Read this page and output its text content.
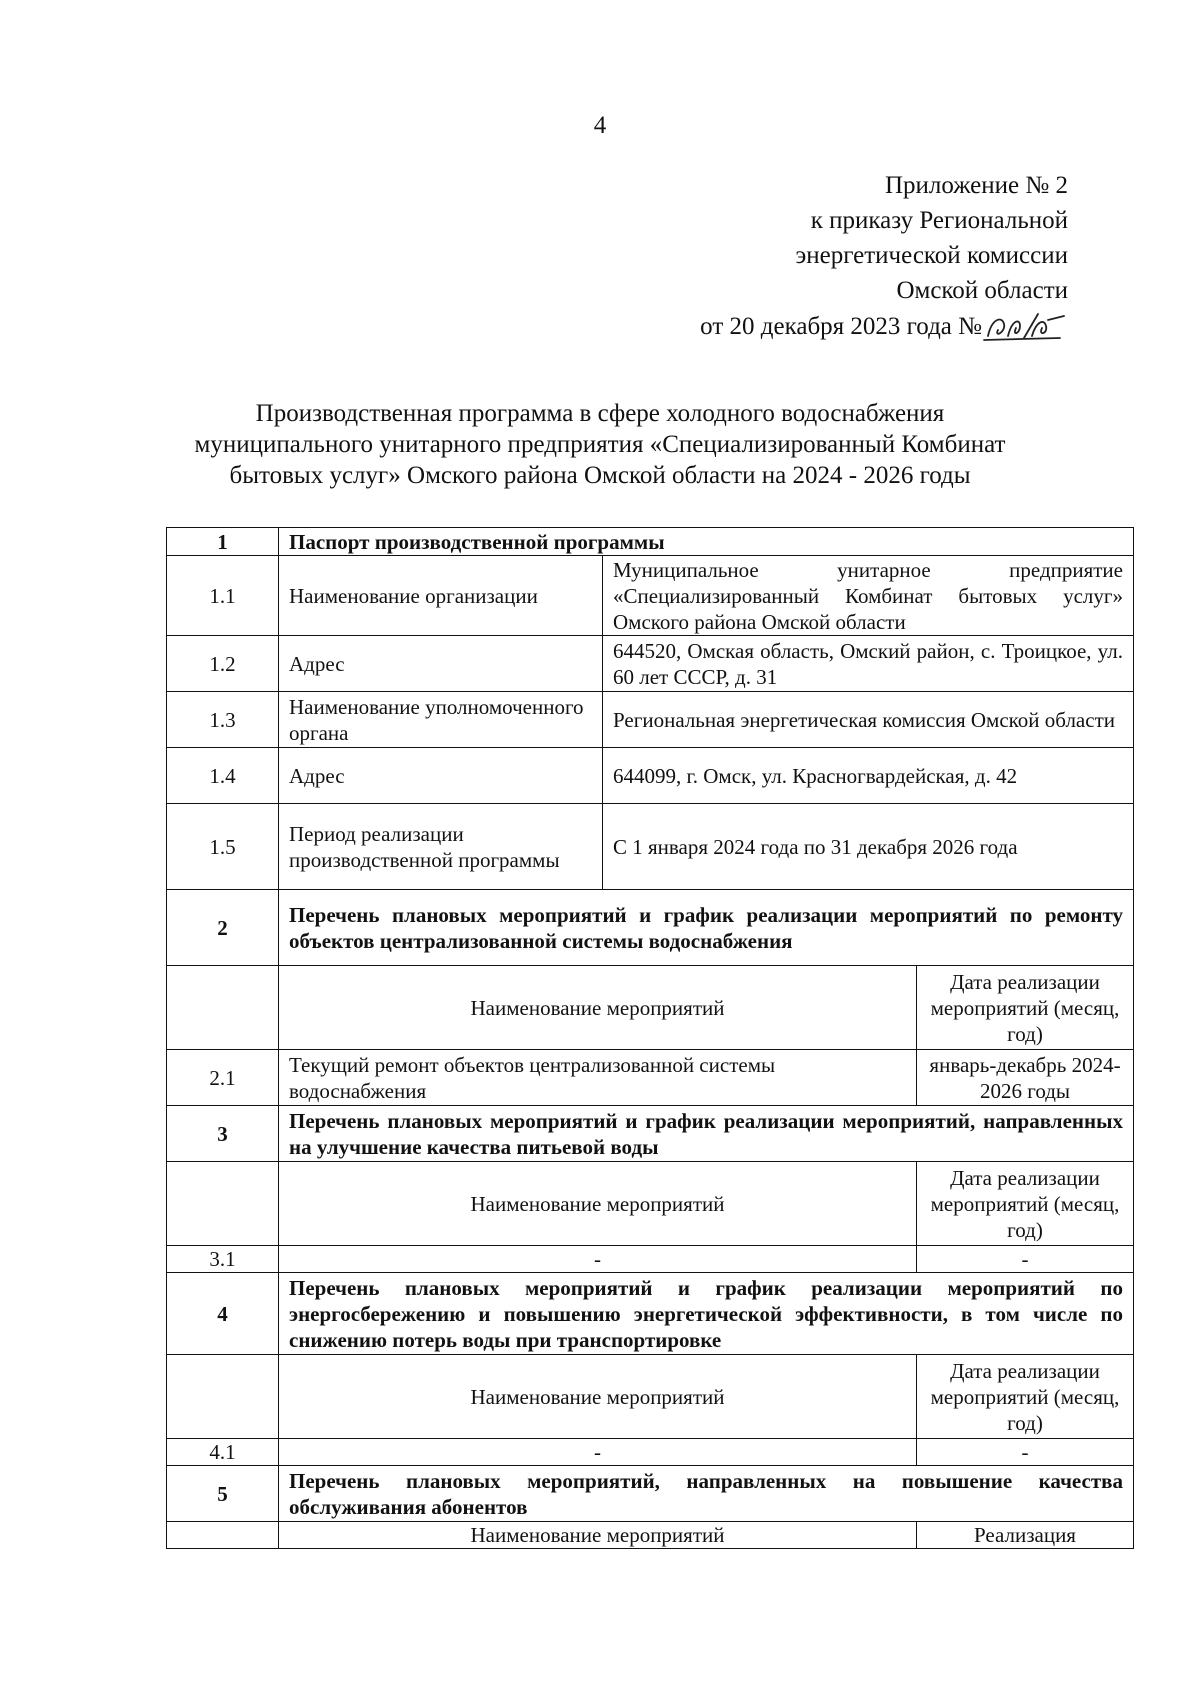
4
Приложение № 2
к приказу Региональной
энергетической комиссии
Омской области
от 20 декабря 2023 года №
Производственная программа в сфере холодного водоснабжения
муниципального унитарного предприятия «Специализированный Комбинат
бытовых услуг» Омского района Омской области на 2024 - 2026 годы
1	Паспорт производственной программы		
1.1	Наименование организации	Муниципальное унитарное предприятие «Специализированный Комбинат бытовых услуг» Омского района Омской области	
1.2	Адрес	644520, Омская область, Омский район, с. Троицкое, ул. 60 лет СССР, д. 31	
1.3	Наименование уполномоченного органа	Региональная энергетическая комиссия Омской области	
1.4	Адрес	644099, г. Омск, ул. Красногвардейская, д. 42	
1.5	Период реализации производственной программы	С 1 января 2024 года по 31 декабря 2026 года	
2	Перечень плановых мероприятий и график реализации мероприятий по ремонту объектов централизованной системы водоснабжения		
	Наименование мероприятий		Дата реализации мероприятий (месяц, год)
2.1	Текущий ремонт объектов централизованной системы водоснабжения		январь-декабрь 2024-2026 годы
3	Перечень плановых мероприятий и график реализации мероприятий, направленных на улучшение качества питьевой воды		
	Наименование мероприятий		Дата реализации мероприятий (месяц, год)
3.1	-		-
4	Перечень плановых мероприятий и график реализации мероприятий по энергосбережению и повышению энергетической эффективности, в том числе по снижению потерь воды при транспортировке		
	Наименование мероприятий		Дата реализации мероприятий (месяц, год)
4.1	-		-
5	Перечень плановых мероприятий, направленных на повышение качества обслуживания абонентов		
	Наименование мероприятий		Реализация
